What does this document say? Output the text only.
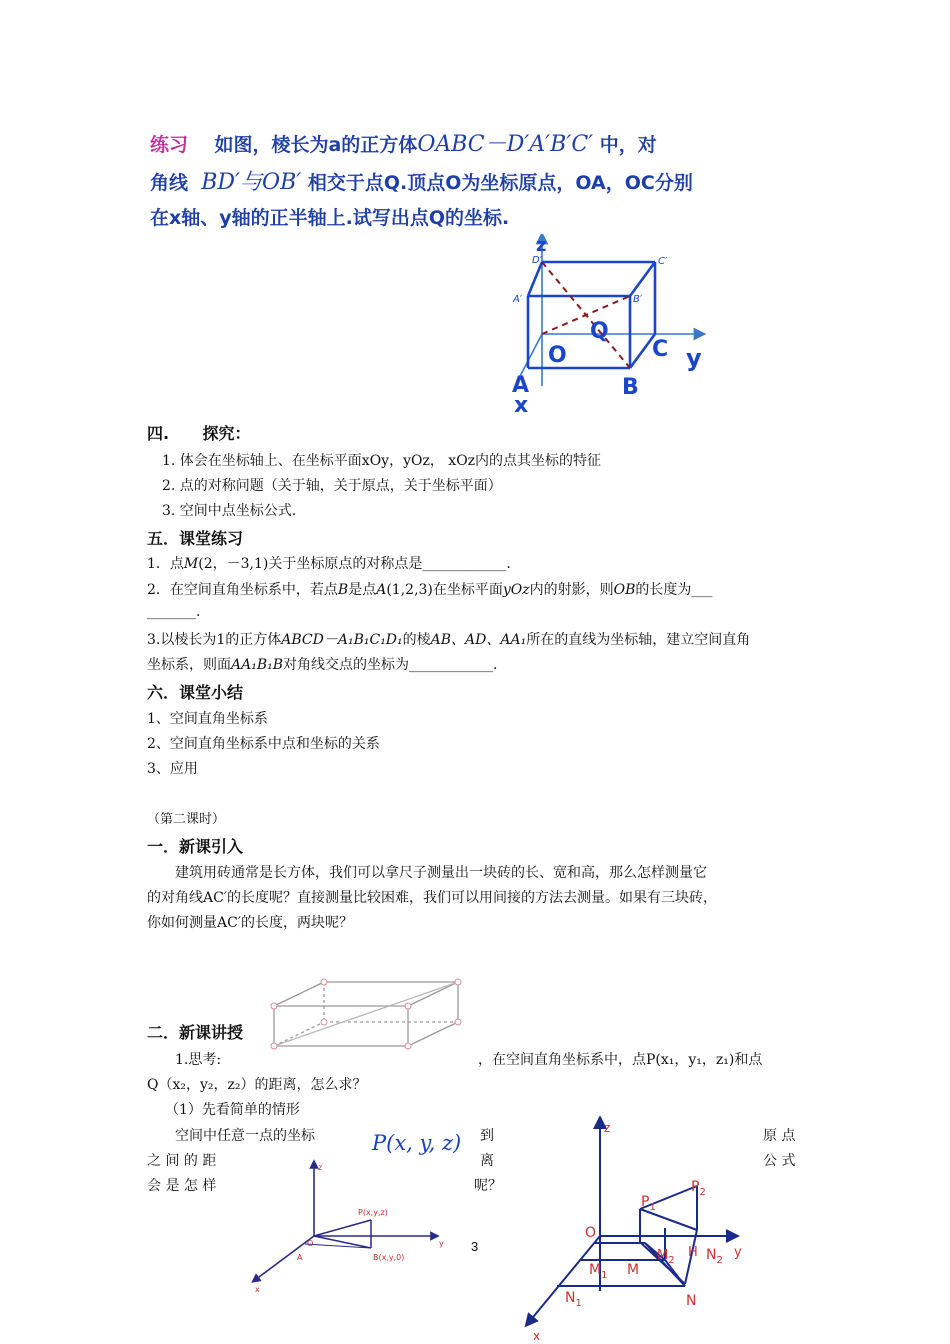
练习 如图，棱长为a的正方体OABC－D′A′B′C′ 中，对
角线 BD′与OB′ 相交于点Q.顶点O为坐标原点，OA，OC分别
在x轴、y轴的正半轴上.试写出点Q的坐标.
z
D′	C′
A′	B′
Q
O	C y
A	B
x
四. 探究：
1. 体会在坐标轴上、在坐标平面xOy，yOz， xOz内的点其坐标的特征
2. 点的对称问题（关于轴，关于原点，关于坐标平面）
3. 空间中点坐标公式.
五．课堂练习
1．点M(2，－3,1)关于坐标原点的对称点是____________.
2．在空间直角坐标系中，若点B是点A(1,2,3)在坐标平面yOz内的射影，则OB的长度为___
_______.
3.以棱长为1的正方体ABCD－A₁B₁C₁D₁的棱AB、AD、AA₁所在的直线为坐标轴，建立空间直角
坐标系，则面AA₁B₁B对角线交点的坐标为____________.
六．课堂小结
1、空间直角坐标系
2、空间直角坐标系中点和坐标的关系
3、应用
（第二课时）
一．新课引入
建筑用砖通常是长方体，我们可以拿尺子测量出一块砖的长、宽和高，那么怎样测量它
的对角线AC′的长度呢？直接测量比较困难，我们可以用间接的方法去测量。如果有三块砖，
你如何测量AC′的长度，两块呢？
二．新课讲授
1.思考:	，在空间直角坐标系中，点P(x₁，y₁，z₁)和点
Q（x₂，y₂，z₂）的距离，怎么求？
（1）先看简单的情形
空间中任意一点的坐标	P(x, y, z) 到	原 点
之 间 的 距	离	公 式
会 是 怎 样	呢？
z
P(x,y,z)
O	y
A	B(x,y,0)
x
z
$P_2$
$P_1$
O
$M_2$
H $N_2$
y
$M_1$ M
$N_1$	N
x
3
